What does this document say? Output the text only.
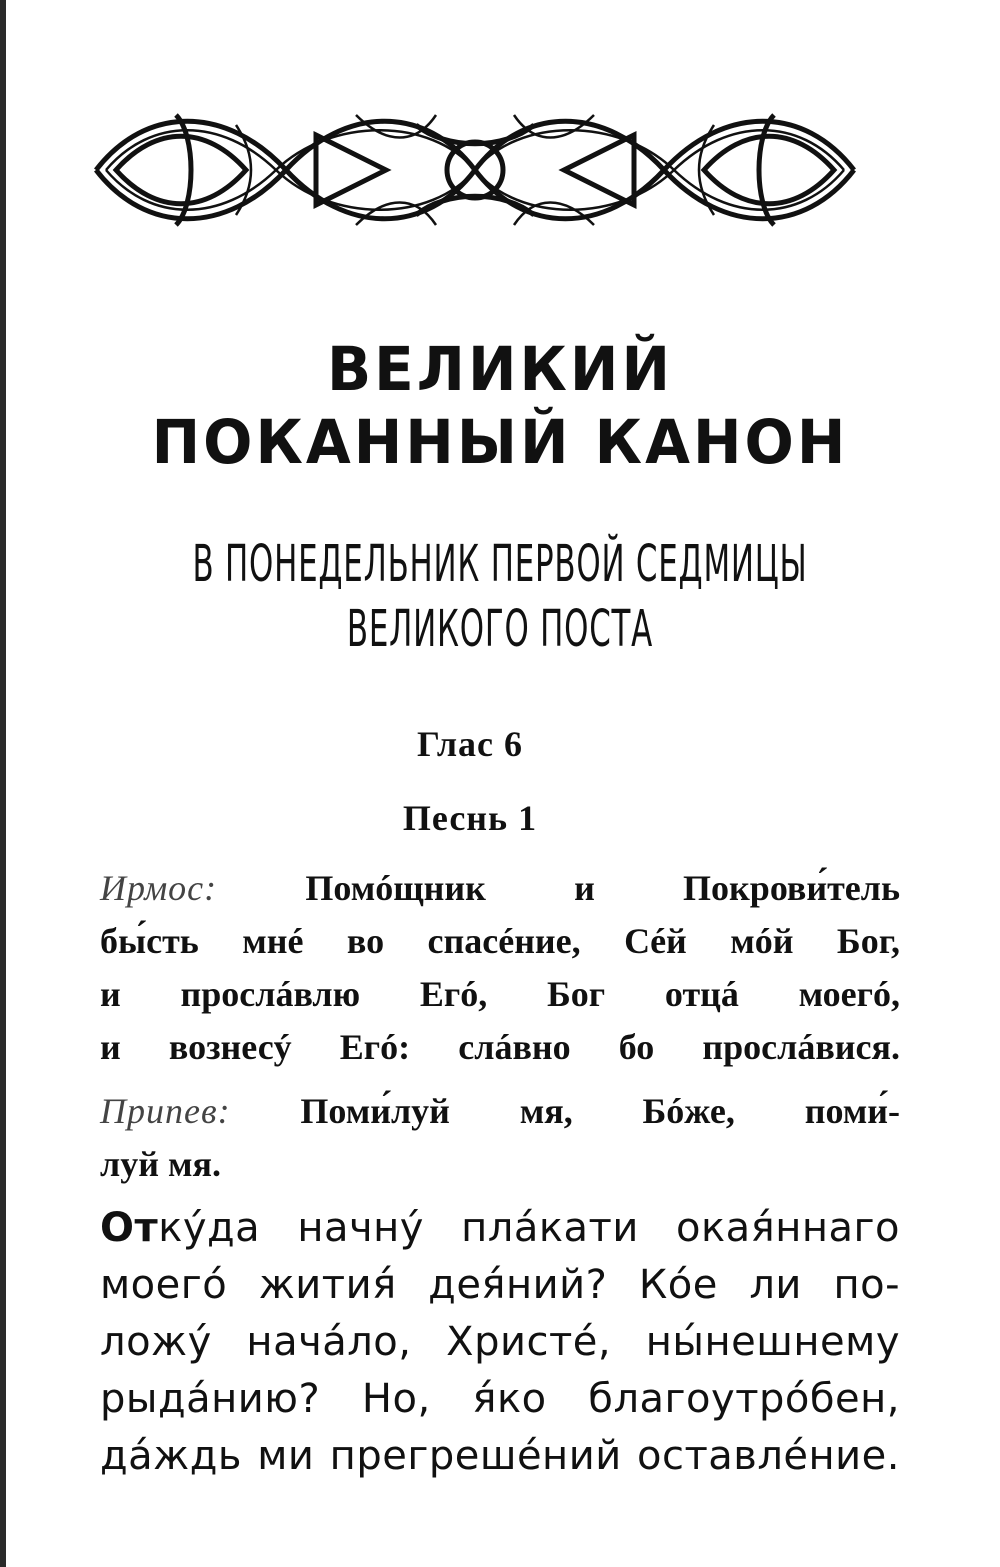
ВЕЛИКИЙ
ПОКАННЫЙ КАНОН
В ПОНЕДЕЛЬНИК ПЕРВОЙ СЕДМИЦЫ
ВЕЛИКОГО ПОСТА
Глас 6
Песнь 1
Ирмос: Помóщник и Покрови́тель
бы́сть мнé во спасéние, Сéй мóй Бог,
и прослáвлю Егó, Бог отцá моегó,
и вознесý Егó: слáвно бо прослáвися.
Припев: Поми́луй мя, Бóже, поми́-
луй мя.
Откýда начнý плáкати окая́ннаго
моегó жития́ дея́ний? Кóе ли по-
ложý начáло, Христé, ны́нешнему
рыдáнию? Но, я́ко благоутрóбен,
дáждь ми прегрешéний оставлéние.
